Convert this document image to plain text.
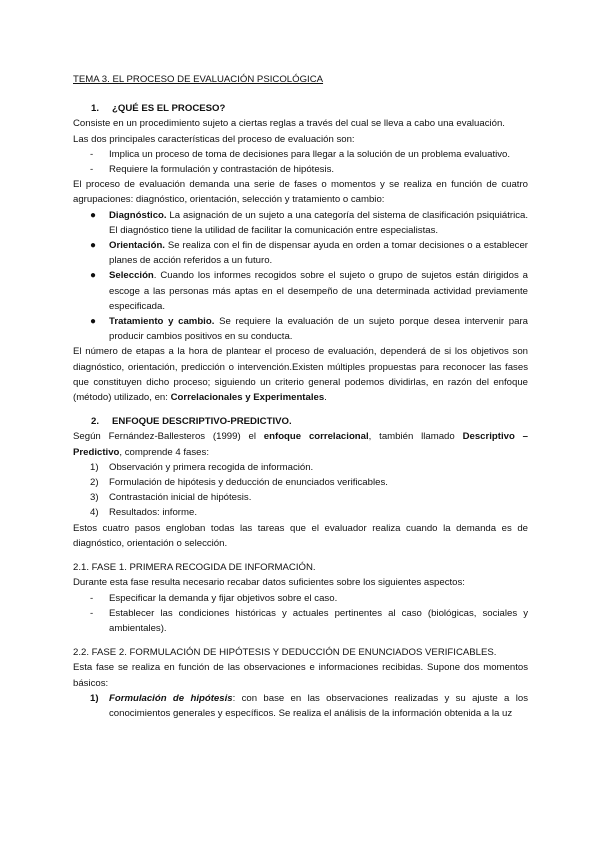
TEMA 3. EL PROCESO DE EVALUACIÓN PSICOLÓGICA

1. ¿QUÉ ES EL PROCESO?

Consiste en un procedimiento sujeto a ciertas reglas a través del cual se lleva a cabo una evaluación.

Las dos principales características del proceso de evaluación son:

- Implica un proceso de toma de decisiones para llegar a la solución de un problema evaluativo.
- Requiere la formulación y contrastación de hipótesis.

El proceso de evaluación demanda una serie de fases o momentos y se realiza en función de cuatro agrupaciones: diagnóstico, orientación, selección y tratamiento o cambio:

● Diagnóstico. La asignación de un sujeto a una categoría del sistema de clasificación psiquiátrica. El diagnóstico tiene la utilidad de facilitar la comunicación entre especialistas.
● Orientación. Se realiza con el fin de dispensar ayuda en orden a tomar decisiones o a establecer planes de acción referidos a un futuro.
● Selección. Cuando los informes recogidos sobre el sujeto o grupo de sujetos están dirigidos a escoge a las personas más aptas en el desempeño de una determinada actividad previamente especificada.
● Tratamiento y cambio. Se requiere la evaluación de un sujeto porque desea intervenir para producir cambios positivos en su conducta.

El número de etapas a la hora de plantear el proceso de evaluación, dependerá de si los objetivos son diagnóstico, orientación, predicción o intervención.Existen múltiples propuestas para reconocer las fases que constituyen dicho proceso; siguiendo un criterio general podemos dividirlas, en razón del enfoque (método) utilizado, en: Correlacionales y Experimentales.

2. ENFOQUE DESCRIPTIVO-PREDICTIVO.

Según Fernández-Ballesteros (1999) el enfoque correlacional, también llamado Descriptivo – Predictivo, comprende 4 fases:

1) Observación y primera recogida de información.
2) Formulación de hipótesis y deducción de enunciados verificables.
3) Contrastación inicial de hipótesis.
4) Resultados: informe.

Estos cuatro pasos engloban todas las tareas que el evaluador realiza cuando la demanda es de diagnóstico, orientación o selección.

2.1. FASE 1. PRIMERA RECOGIDA DE INFORMACIÓN.

Durante esta fase resulta necesario recabar datos suficientes sobre los siguientes aspectos:

- Especificar la demanda y fijar objetivos sobre el caso.
- Establecer las condiciones históricas y actuales pertinentes al caso (biológicas, sociales y ambientales).

2.2. FASE 2. FORMULACIÓN DE HIPÓTESIS Y DEDUCCIÓN DE ENUNCIADOS VERIFICABLES.

Esta fase se realiza en función de las observaciones e informaciones recibidas. Supone dos momentos básicos:

1) Formulación de hipótesis: con base en las observaciones realizadas y su ajuste a los conocimientos generales y específicos. Se realiza el análisis de la información obtenida a la uz
